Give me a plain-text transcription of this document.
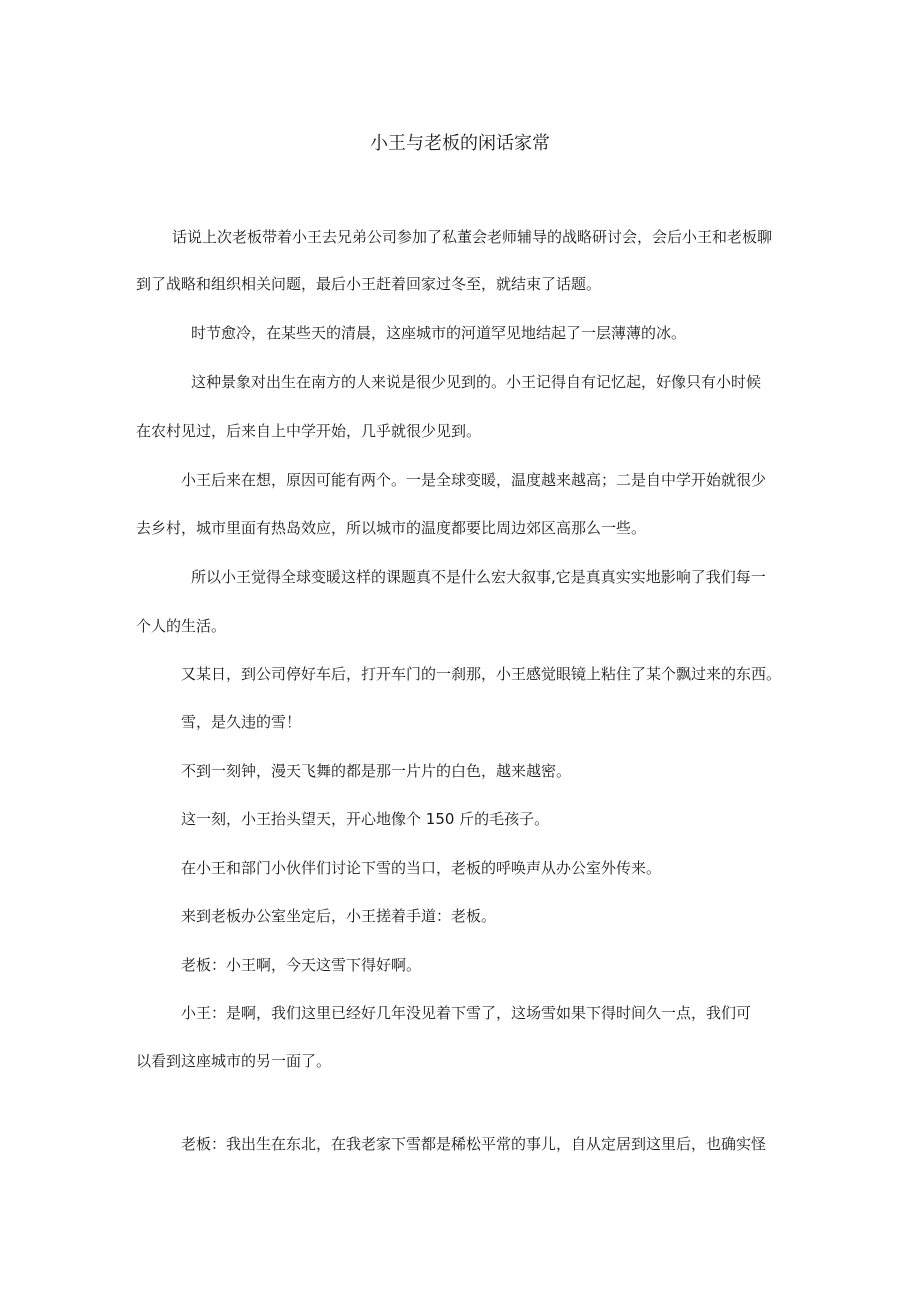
小王与老板的闲话家常
话说上次老板带着小王去兄弟公司参加了私董会老师辅导的战略研讨会，会后小王和老板聊
到了战略和组织相关问题，最后小王赶着回家过冬至，就结束了话题。
时节愈冷，在某些天的清晨，这座城市的河道罕见地结起了一层薄薄的冰。
这种景象对出生在南方的人来说是很少见到的。小王记得自有记忆起，好像只有小时候
在农村见过，后来自上中学开始，几乎就很少见到。
小王后来在想，原因可能有两个。一是全球变暖，温度越来越高；二是自中学开始就很少
去乡村，城市里面有热岛效应，所以城市的温度都要比周边郊区高那么一些。
所以小王觉得全球变暖这样的课题真不是什么宏大叙事,它是真真实实地影响了我们每一
个人的生活。
又某日，到公司停好车后，打开车门的一刹那，小王感觉眼镜上粘住了某个飘过来的东西。
雪，是久违的雪！
不到一刻钟，漫天飞舞的都是那一片片的白色，越来越密。
这一刻，小王抬头望天，开心地像个 150 斤的毛孩子。
在小王和部门小伙伴们讨论下雪的当口，老板的呼唤声从办公室外传来。
来到老板办公室坐定后，小王搓着手道：老板。
老板：小王啊，今天这雪下得好啊。
小王：是啊，我们这里已经好几年没见着下雪了，这场雪如果下得时间久一点，我们可
以看到这座城市的另一面了。
老板：我出生在东北，在我老家下雪都是稀松平常的事儿，自从定居到这里后，也确实怪
